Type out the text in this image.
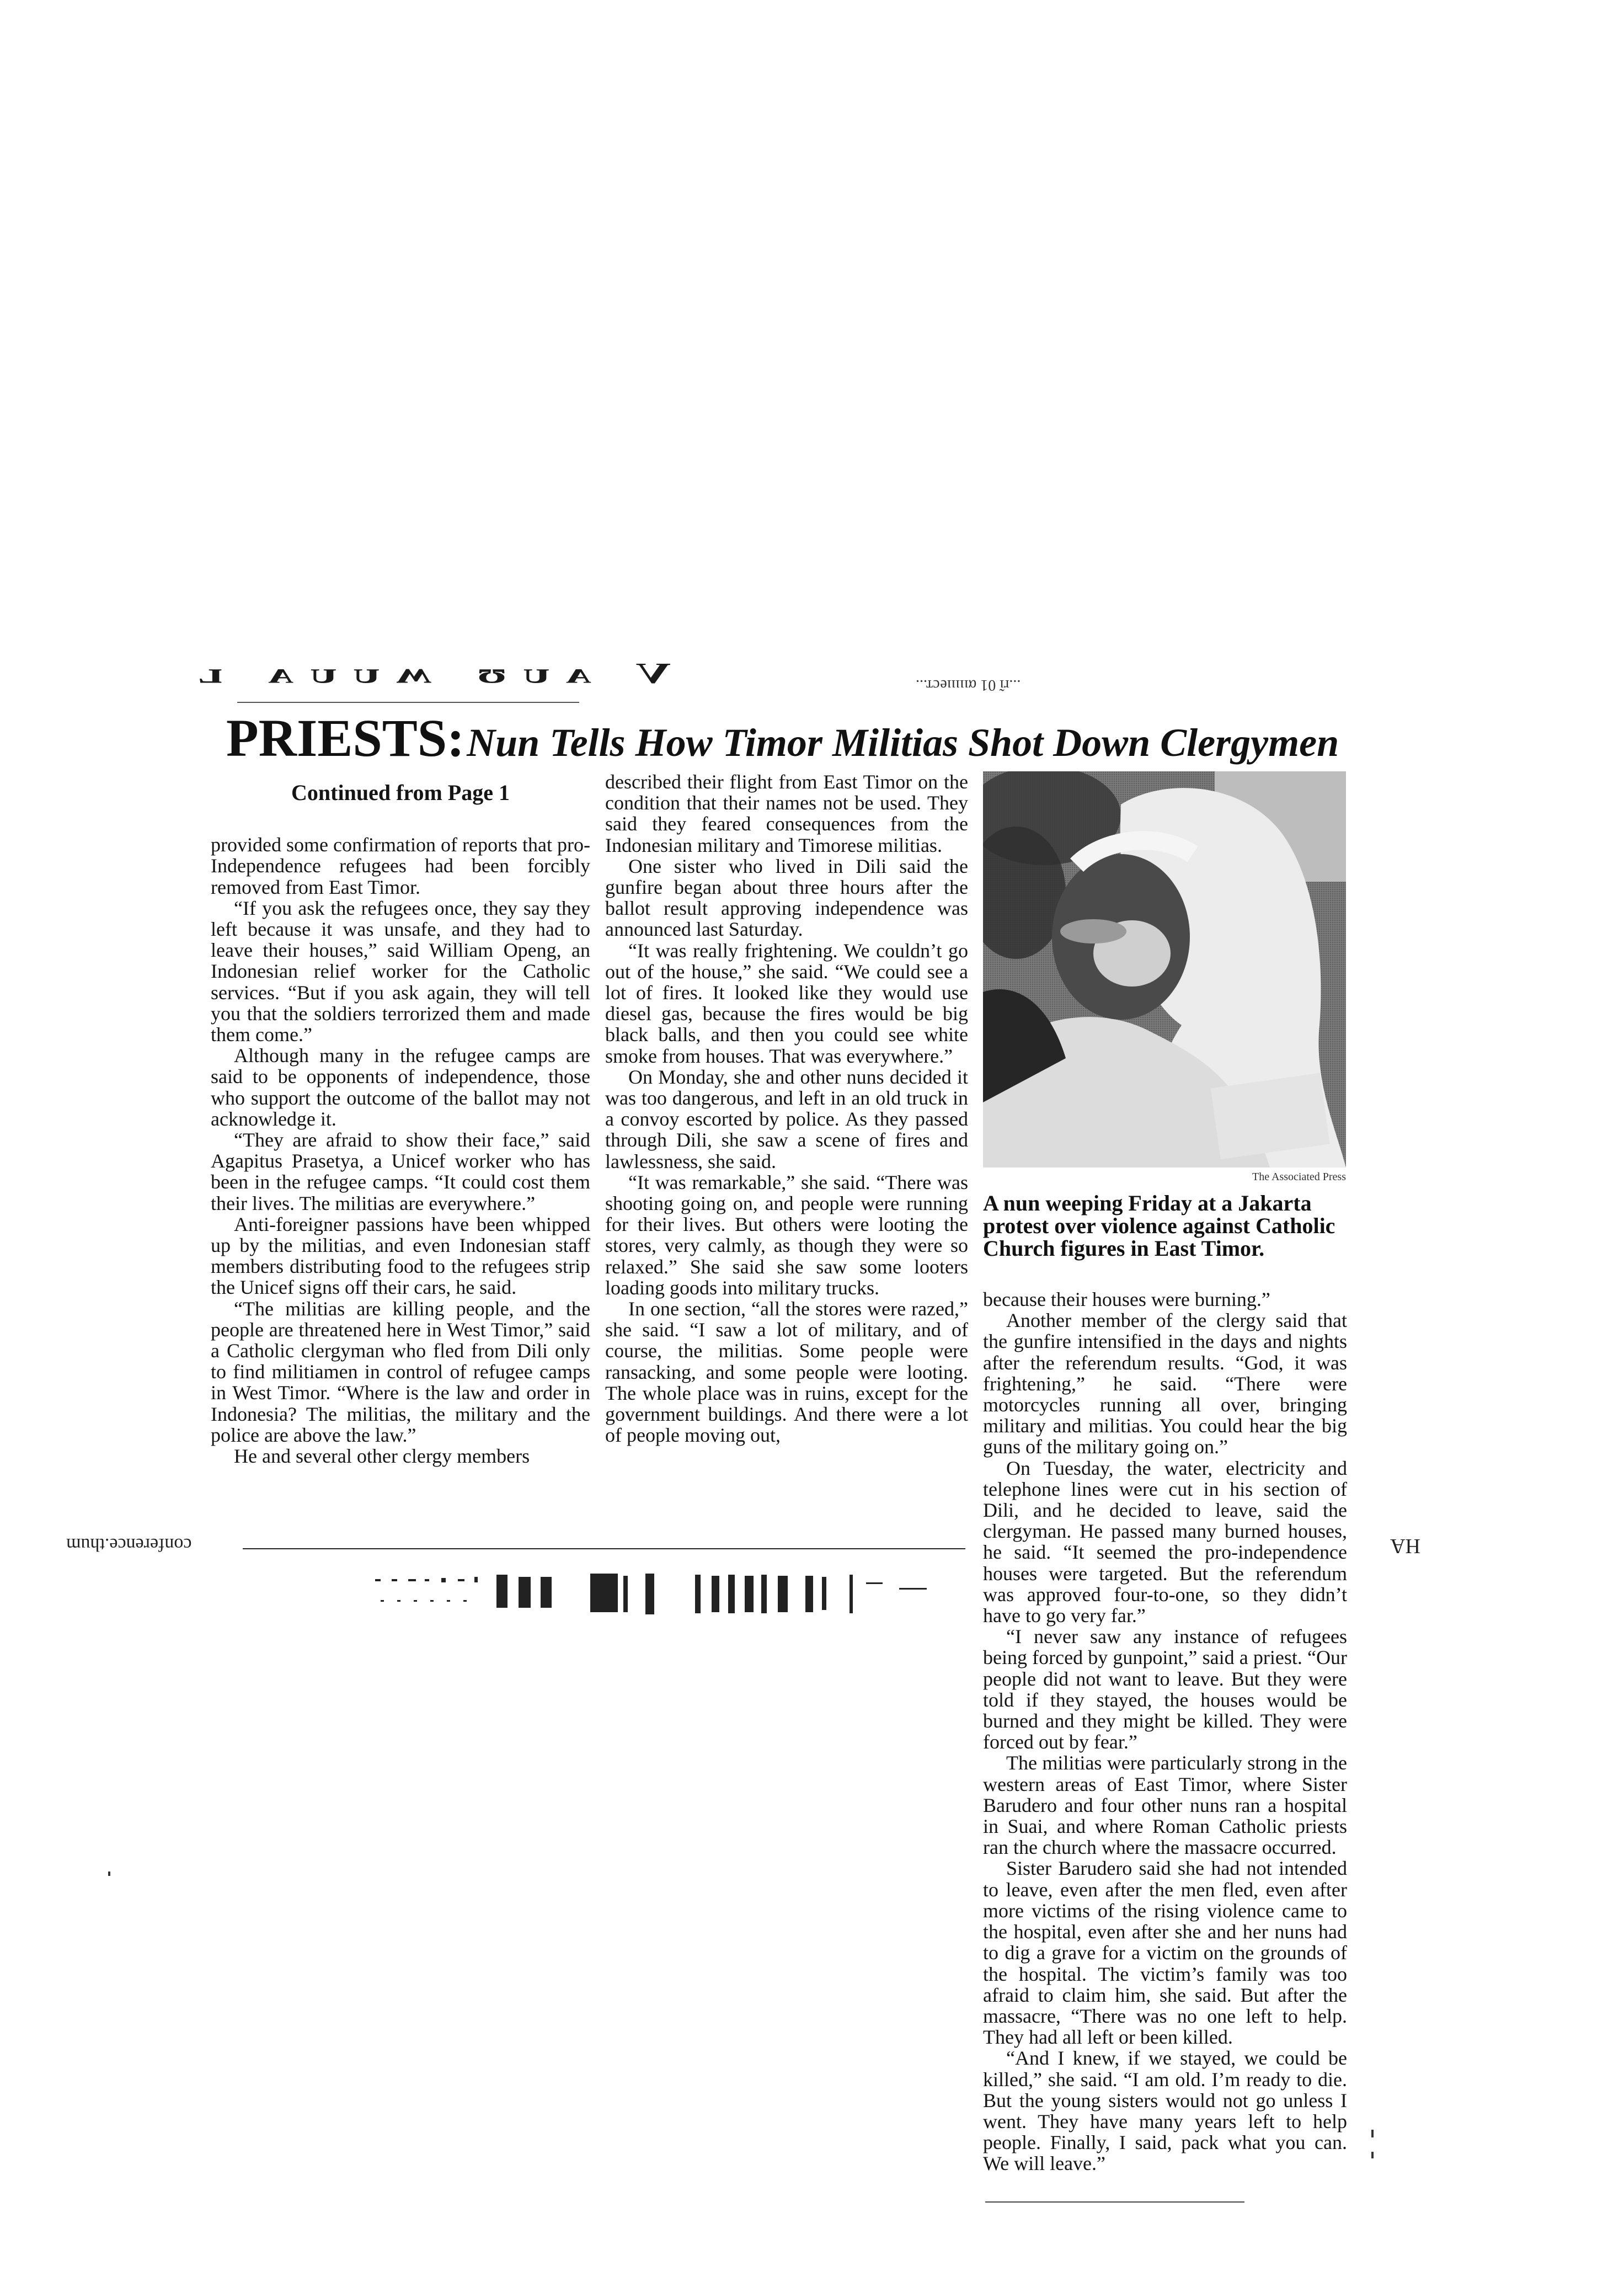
V ᴀᴜʊ ʍᴜᴜᴀ ʟ	...rĩ 01 αıııııест...
PRIESTS: Nun Tells How Timor Militias Shot Down Clergymen
Continued from Page 1

provided some confirmation of reports that pro-Independence refugees had been forcibly removed from East Timor.

“If you ask the refugees once, they say they left because it was unsafe, and they had to leave their houses,” said William Openg, an Indonesian relief worker for the Catholic services. “But if you ask again, they will tell you that the soldiers terrorized them and made them come.”

Although many in the refugee camps are said to be opponents of independence, those who support the outcome of the ballot may not acknowledge it.

“They are afraid to show their face,” said Agapitus Prasetya, a Unicef worker who has been in the refugee camps. “It could cost them their lives. The militias are everywhere.”

Anti-foreigner passions have been whipped up by the militias, and even Indonesian staff members distributing food to the refugees strip the Unicef signs off their cars, he said.

“The militias are killing people, and the people are threatened here in West Timor,” said a Catholic clergyman who fled from Dili only to find militiamen in control of refugee camps in West Timor. “Where is the law and order in Indonesia? The militias, the military and the police are above the law.”

He and several other clergy members

described their flight from East Timor on the condition that their names not be used. They said they feared consequences from the Indonesian military and Timorese militias.

One sister who lived in Dili said the gunfire began about three hours after the ballot result approving independence was announced last Saturday.

“It was really frightening. We couldn’t go out of the house,” she said. “We could see a lot of fires. It looked like they would use diesel gas, because the fires would be big black balls, and then you could see white smoke from houses. That was everywhere.”

On Monday, she and other nuns decided it was too dangerous, and left in an old truck in a convoy escorted by police. As they passed through Dili, she saw a scene of fires and lawlessness, she said.

“It was remarkable,” she said. “There was shooting going on, and people were running for their lives. But others were looting the stores, very calmly, as though they were so relaxed.” She said she saw some looters loading goods into military trucks.

In one section, “all the stores were razed,” she said. “I saw a lot of military, and of course, the militias. Some people were ransacking, and some people were looting. The whole place was in ruins, except for the government buildings. And there were a lot of people moving out,

The Associated Press
A nun weeping Friday at a Jakarta protest over violence against Catholic Church figures in East Timor.

because their houses were burning.”

Another member of the clergy said that the gunfire intensified in the days and nights after the referendum results. “God, it was frightening,” he said. “There were motorcycles running all over, bringing military and militias. You could hear the big guns of the military going on.”

On Tuesday, the water, electricity and telephone lines were cut in his section of Dili, and he decided to leave, said the clergyman. He passed many burned houses, he said. “It seemed the pro-independence houses were targeted. But the referendum was approved four-to-one, so they didn’t have to go very far.”

“I never saw any instance of refugees being forced by gunpoint,” said a priest. “Our people did not want to leave. But they were told if they stayed, the houses would be burned and they might be killed. They were forced out by fear.”

The militias were particularly strong in the western areas of East Timor, where Sister Barudero and four other nuns ran a hospital in Suai, and where Roman Catholic priests ran the church where the massacre occurred.

Sister Barudero said she had not intended to leave, even after the men fled, even after more victims of the rising violence came to the hospital, even after she and her nuns had to dig a grave for a victim on the grounds of the hospital. The victim’s family was too afraid to claim him, she said. But after the massacre, “There was no one left to help. They had all left or been killed.

“And I knew, if we stayed, we could be killed,” she said. “I am old. I’m ready to die. But the young sisters would not go unless I went. They have many years left to help people. Finally, I said, pack what you can. We will leave.”

conference.thum	HA
